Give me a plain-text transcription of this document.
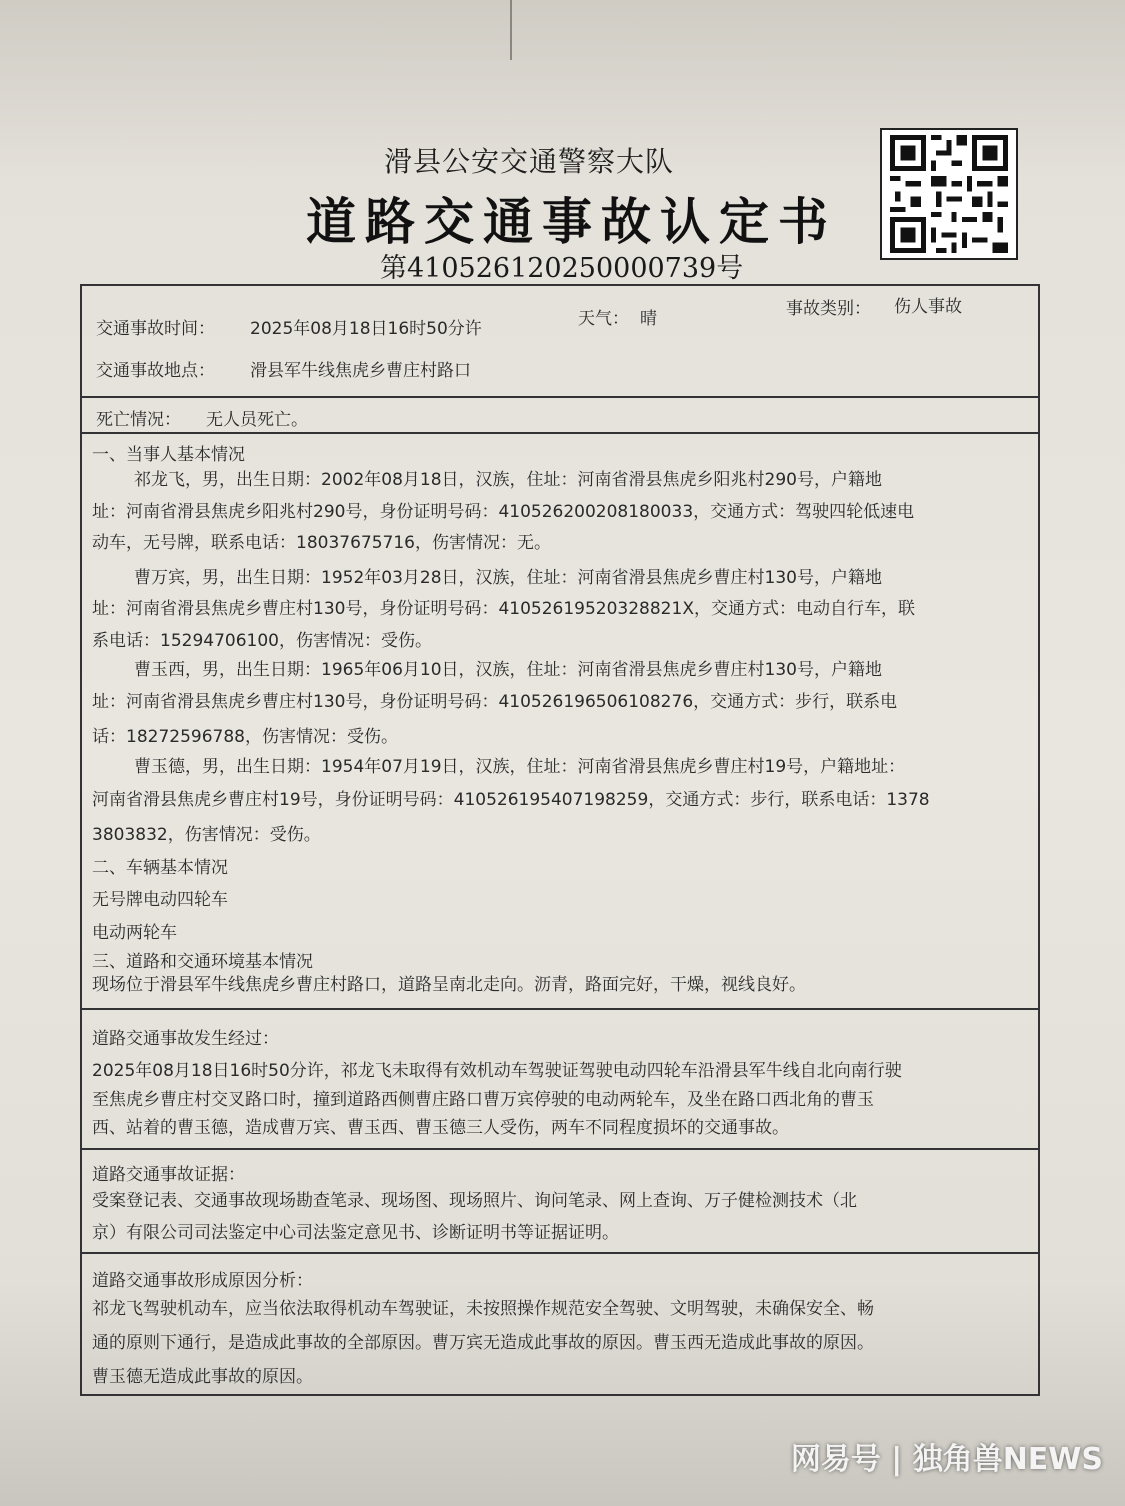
滑县公安交通警察大队
道路交通事故认定书
第410526120250000739号
交通事故时间： 2025年08月18日16时50分许	天气： 晴	事故类别： 伤人事故
交通事故地点： 滑县军牛线焦虎乡曹庄村路口
死亡情况： 无人员死亡。
一、当事人基本情况
祁龙飞，男，出生日期：2002年08月18日，汉族，住址：河南省滑县焦虎乡阳兆村290号，户籍地
址：河南省滑县焦虎乡阳兆村290号，身份证明号码：410526200208180033，交通方式：驾驶四轮低速电
动车，无号牌，联系电话：18037675716，伤害情况：无。
曹万宾，男，出生日期：1952年03月28日，汉族，住址：河南省滑县焦虎乡曹庄村130号，户籍地
址：河南省滑县焦虎乡曹庄村130号，身份证明号码：41052619520328821X，交通方式：电动自行车，联
系电话：15294706100，伤害情况：受伤。
曹玉西，男，出生日期：1965年06月10日，汉族，住址：河南省滑县焦虎乡曹庄村130号，户籍地
址：河南省滑县焦虎乡曹庄村130号，身份证明号码：410526196506108276，交通方式：步行，联系电
话：18272596788，伤害情况：受伤。
曹玉德，男，出生日期：1954年07月19日，汉族，住址：河南省滑县焦虎乡曹庄村19号，户籍地址：
河南省滑县焦虎乡曹庄村19号，身份证明号码：410526195407198259，交通方式：步行，联系电话：1378
3803832，伤害情况：受伤。
二、车辆基本情况
无号牌电动四轮车
电动两轮车
三、道路和交通环境基本情况
现场位于滑县军牛线焦虎乡曹庄村路口，道路呈南北走向。沥青，路面完好，干燥，视线良好。
道路交通事故发生经过：
2025年08月18日16时50分许，祁龙飞未取得有效机动车驾驶证驾驶电动四轮车沿滑县军牛线自北向南行驶
至焦虎乡曹庄村交叉路口时，撞到道路西侧曹庄路口曹万宾停驶的电动两轮车，及坐在路口西北角的曹玉
西、站着的曹玉德，造成曹万宾、曹玉西、曹玉德三人受伤，两车不同程度损坏的交通事故。
道路交通事故证据：
受案登记表、交通事故现场勘查笔录、现场图、现场照片、询问笔录、网上查询、万子健检测技术（北
京）有限公司司法鉴定中心司法鉴定意见书、诊断证明书等证据证明。
道路交通事故形成原因分析：
祁龙飞驾驶机动车，应当依法取得机动车驾驶证，未按照操作规范安全驾驶、文明驾驶，未确保安全、畅
通的原则下通行，是造成此事故的全部原因。曹万宾无造成此事故的原因。曹玉西无造成此事故的原因。
曹玉德无造成此事故的原因。
网易号 | 独角兽NEWS
